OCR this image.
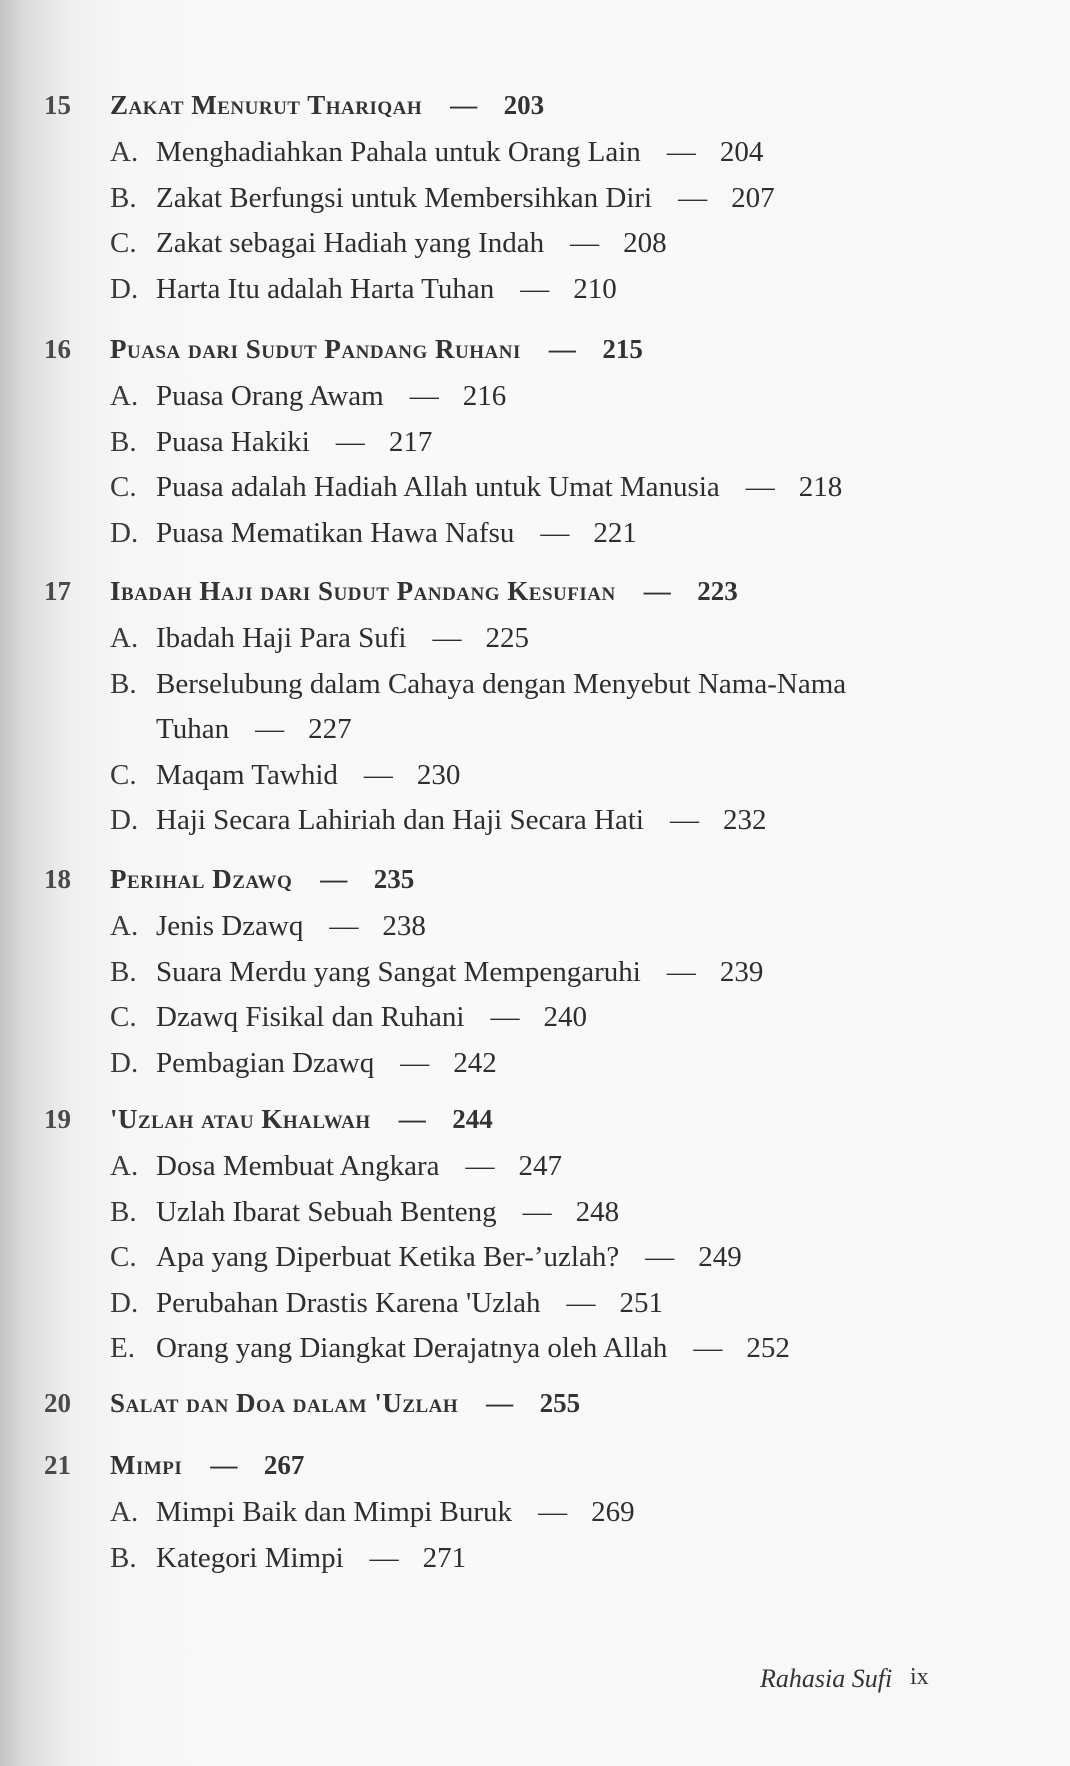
15	Zakat Menurut Thariqah — 203
A. Menghadiahkan Pahala untuk Orang Lain — 204
B. Zakat Berfungsi untuk Membersihkan Diri — 207
C. Zakat sebagai Hadiah yang Indah — 208
D. Harta Itu adalah Harta Tuhan — 210
16	Puasa dari Sudut Pandang Ruhani — 215
A. Puasa Orang Awam — 216
B. Puasa Hakiki — 217
C. Puasa adalah Hadiah Allah untuk Umat Manusia — 218
D. Puasa Mematikan Hawa Nafsu — 221
17	Ibadah Haji dari Sudut Pandang Kesufian — 223
A. Ibadah Haji Para Sufi — 225
B. Berselubung dalam Cahaya dengan Menyebut Nama-Nama
Tuhan — 227
C. Maqam Tawhid — 230
D. Haji Secara Lahiriah dan Haji Secara Hati — 232
18	Perihal Dzawq — 235
A. Jenis Dzawq — 238
B. Suara Merdu yang Sangat Mempengaruhi — 239
C. Dzawq Fisikal dan Ruhani — 240
D. Pembagian Dzawq — 242
19	'Uzlah atau Khalwah — 244
A. Dosa Membuat Angkara — 247
B. Uzlah Ibarat Sebuah Benteng — 248
C. Apa yang Diperbuat Ketika Ber-’uzlah? — 249
D. Perubahan Drastis Karena 'Uzlah — 251
E. Orang yang Diangkat Derajatnya oleh Allah — 252
20	Salat dan Doa dalam 'Uzlah — 255
21	Mimpi — 267
A. Mimpi Baik dan Mimpi Buruk — 269
B. Kategori Mimpi — 271
Rahasia Sufi ix
